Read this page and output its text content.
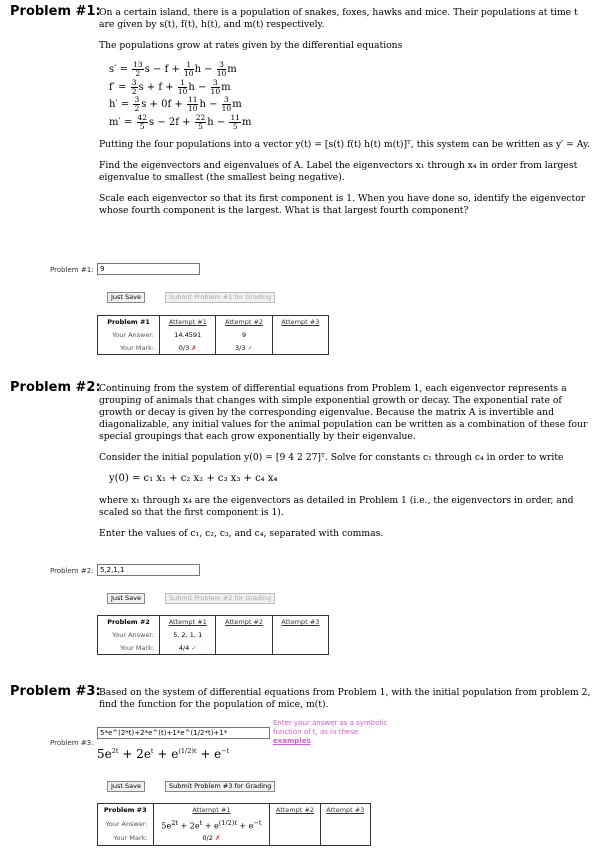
Problem #1:

On a certain island, there is a population of snakes, foxes, hawks and mice. Their populations at time t are given by s(t), f(t), h(t), and m(t) respectively.

The populations grow at rates given by the differential equations

$s' = \frac{13}{2}$ $s - f + \frac{1}{10}$ $h - \frac{3}{10}$ m
$f' = \frac{3}{2}$ $s + f + \frac{1}{10}$ $h - \frac{3}{10}$ m
$h' = \frac{3}{2}$ $s + 0f + \frac{11}{10}$ $h - \frac{3}{10}$ m
$m' = \frac{42}{5}$ $s - 2f + \frac{22}{5}$ $h - \frac{11}{5}$ m

Putting the four populations into a vector y(t) = [s(t) f(t) h(t) m(t)]ᵀ, this system can be written as y′ = Ay.

Find the eigenvectors and eigenvalues of A. Label the eigenvectors x₁ through x₄ in order from largest eigenvalue to smallest (the smallest being negative).

Scale each eigenvector so that its first component is 1. When you have done so, identify the eigenvector whose fourth component is the largest. What is that largest fourth component?

Problem #1:
9
Just Save	Submit Problem #1 for Grading
Problem #1	Attempt #1	Attempt #2	Attempt #3
Your Answer:	14.4591	9	
Your Mark:	0/3 ✗	3/3 ✓	
Problem #2:

Continuing from the system of differential equations from Problem 1, each eigenvector represents a grouping of animals that changes with simple exponential growth or decay. The exponential rate of growth or decay is given by the corresponding eigenvalue. Because the matrix A is invertible and diagonalizable, any initial values for the animal population can be written as a combination of these four special groupings that each grow exponentially by their eigenvalue.

Consider the initial population y(0) = [9 4 2 27]ᵀ. Solve for constants c₁ through c₄ in order to write

y(0) = c₁ x₁ + c₂ x₂ + c₃ x₃ + c₄ x₄

where x₁ through x₄ are the eigenvectors as detailed in Problem 1 (i.e., the eigenvectors in order, and scaled so that the first component is 1).

Enter the values of c₁, c₂, c₃, and c₄, separated with commas.

Problem #2:
5,2,1,1
Just Save	Submit Problem #2 for Grading
Problem #2	Attempt #1	Attempt #2	Attempt #3
Your Answer:	5, 2, 1, 1		
Your Mark:	4/4 ✓		
Problem #3:

Based on the system of differential equations from Problem 1, with the initial population from problem 2, find the function for the population of mice, m(t).

Problem #3:
5*e^(2*t)+2*e^(t)+1*e^(1/2*t)+1*
Enter your answer as a symbolic
function of t, as in these
examples
$5e^{2t} + 2e^t + e^{(1/2)t} + e^{-t}$
Just Save	Submit Problem #3 for Grading
Problem #3	Attempt #1	Attempt #2	Attempt #3
Your Answer:	$5e^{2t} + 2e^t + e^{(1/2)t} + e^{-t}$		
Your Mark:	0/2 ✗		
